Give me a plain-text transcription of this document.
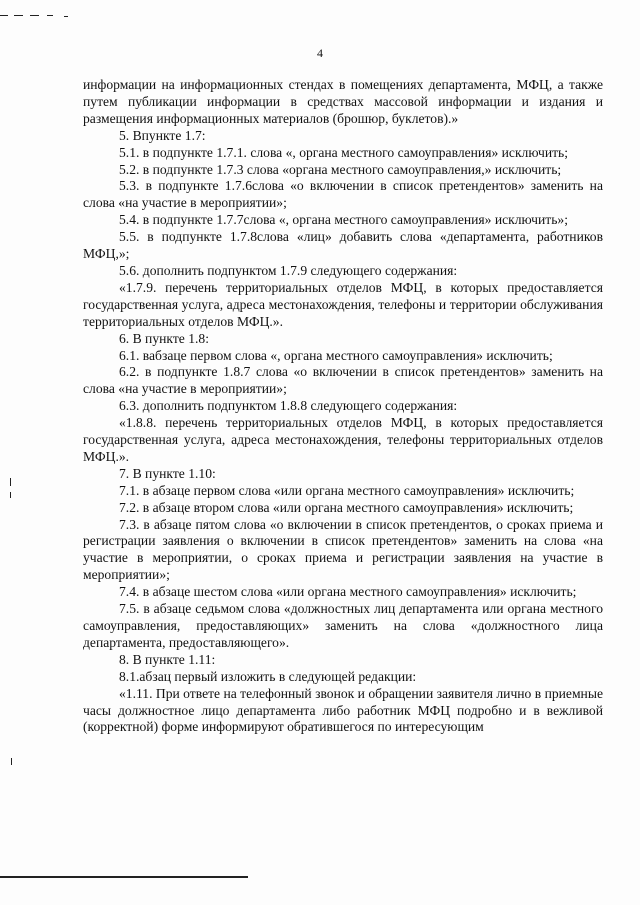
4

информации на информационных стендах в помещениях департамента, МФЦ, а также путем публикации информации в средствах массовой информации и издания и размещения информационных материалов (брошюр, буклетов).»

5. Впункте 1.7:

5.1. в подпункте 1.7.1. слова «, органа местного самоуправления» исключить;

5.2. в подпункте 1.7.3 слова «органа местного самоуправления,» исключить;

5.3. в подпункте 1.7.6слова «о включении в список претендентов» заменить на слова «на участие в мероприятии»;

5.4. в подпункте 1.7.7слова «, органа местного самоуправления» исключить»;

5.5. в подпункте 1.7.8слова «лиц» добавить слова «департамента, работников МФЦ,»;

5.6. дополнить подпунктом 1.7.9 следующего содержания:

«1.7.9. перечень территориальных отделов МФЦ, в которых предоставляется государственная услуга, адреса местонахождения, телефоны и территории обслуживания территориальных отделов МФЦ.».

6. В пункте 1.8:

6.1. вабзаце первом слова «, органа местного самоуправления» исключить;

6.2. в подпункте 1.8.7 слова «о включении в список претендентов» заменить на слова «на участие в мероприятии»;

6.3. дополнить подпунктом 1.8.8 следующего содержания:

«1.8.8. перечень территориальных отделов МФЦ, в которых предоставляется государственная услуга, адреса местонахождения, телефоны территориальных отделов МФЦ.».

7. В пункте 1.10:

7.1. в абзаце первом слова «или органа местного самоуправления» исключить;

7.2. в абзаце втором слова «или органа местного самоуправления» исключить;

7.3. в абзаце пятом слова «о включении в список претендентов, о сроках приема и регистрации заявления о включении в список претендентов» заменить на слова «на участие в мероприятии, о сроках приема и регистрации заявления на участие в мероприятии»;

7.4. в абзаце шестом слова «или органа местного самоуправления» исключить;

7.5. в абзаце седьмом слова «должностных лиц департамента или органа местного самоуправления, предоставляющих» заменить на слова «должностного лица департамента, предоставляющего».

8. В пункте 1.11:

8.1.абзац первый изложить в следующей редакции:

«1.11. При ответе на телефонный звонок и обращении заявителя лично в приемные часы должностное лицо департамента либо работник МФЦ подробно и в вежливой (корректной) форме информируют обратившегося по интересующим
